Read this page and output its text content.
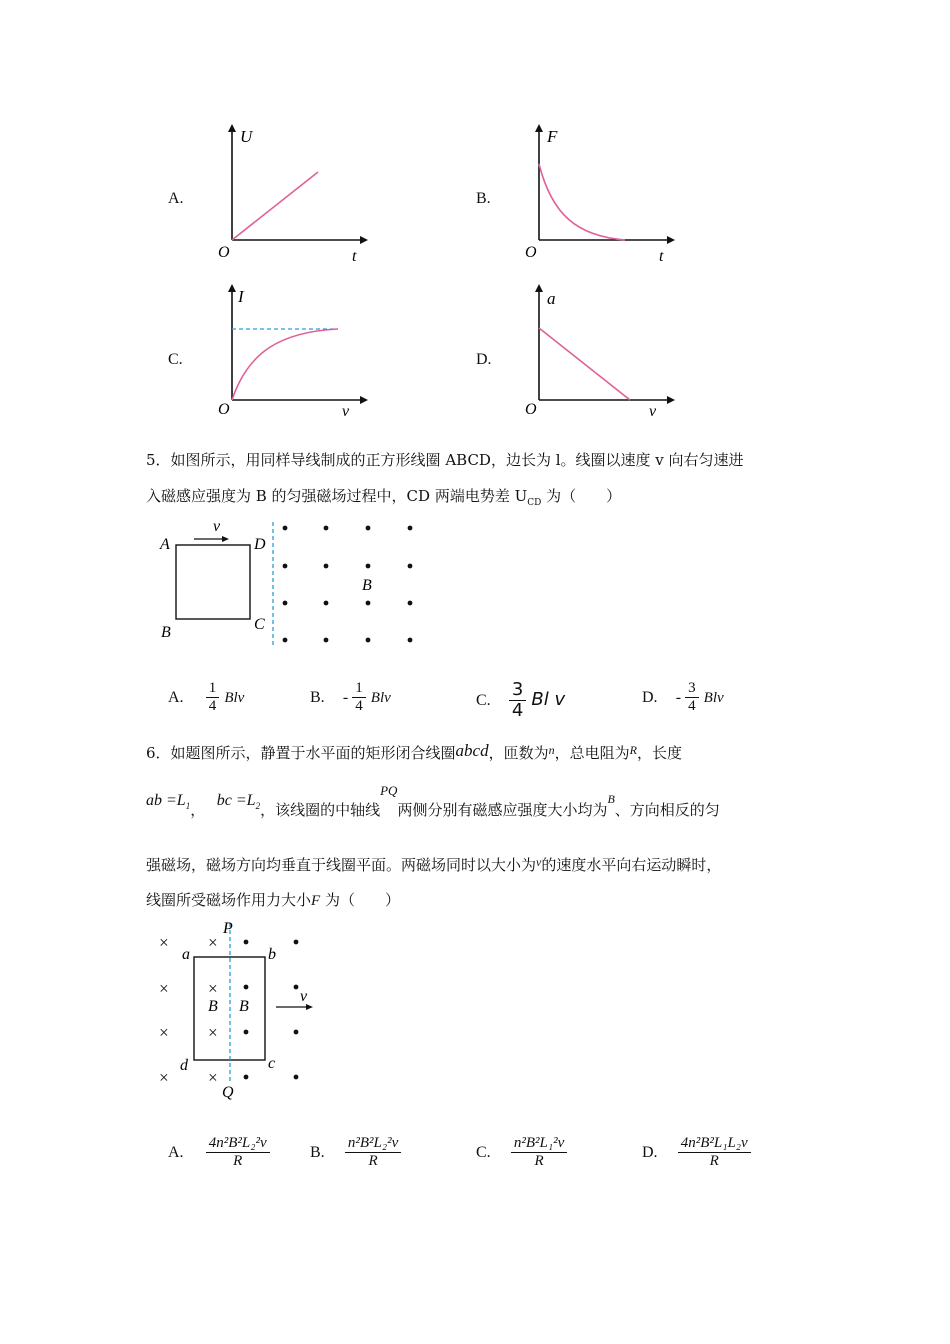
A.
U
t
O
B.
F
t
O
C.
I
v
O
D.
a
v
O
5．如图所示，用同样导线制成的正方形线圈 ABCD，边长为 l。线圈以速度 v 向右匀速进
入磁感应强度为 B 的匀强磁场过程中，CD 两端电势差 $U_{CD}$ 为（　　）
v
A	D
C
B
B
A. $\frac{1}{4}$ Blv	B. - $\frac{1}{4}$ Blv	C. $\frac{3}{4}$ Bl v	D. - $\frac{3}{4}$ Blv
6．如题图所示，静置于水平面的矩形闭合线圈abcd，匝数为$^n$，总电阻为$^R$，长度
ab $=L_1$，  bc $=L_2$，该线圈的中轴线PQ两侧分别有磁感应强度大小均为B、方向相反的匀
强磁场，磁场方向均垂直于线圈平面。两磁场同时以大小为$^v$的速度水平向右运动瞬时，
线圈所受磁场作用力大小F 为（　　）
× ×
× ×
× ×
× ×
v
P
Q
a	b
c
d
B B
A. $\frac{\text{4n²B²L₂²v}}{R}$	B. $\frac{\text{n²B²L₂²v}}{R}$	C. $\frac{\text{n²B²L₁²v}}{R}$	D. $\frac{\text{4n²B²L₁L₂v}}{R}$
